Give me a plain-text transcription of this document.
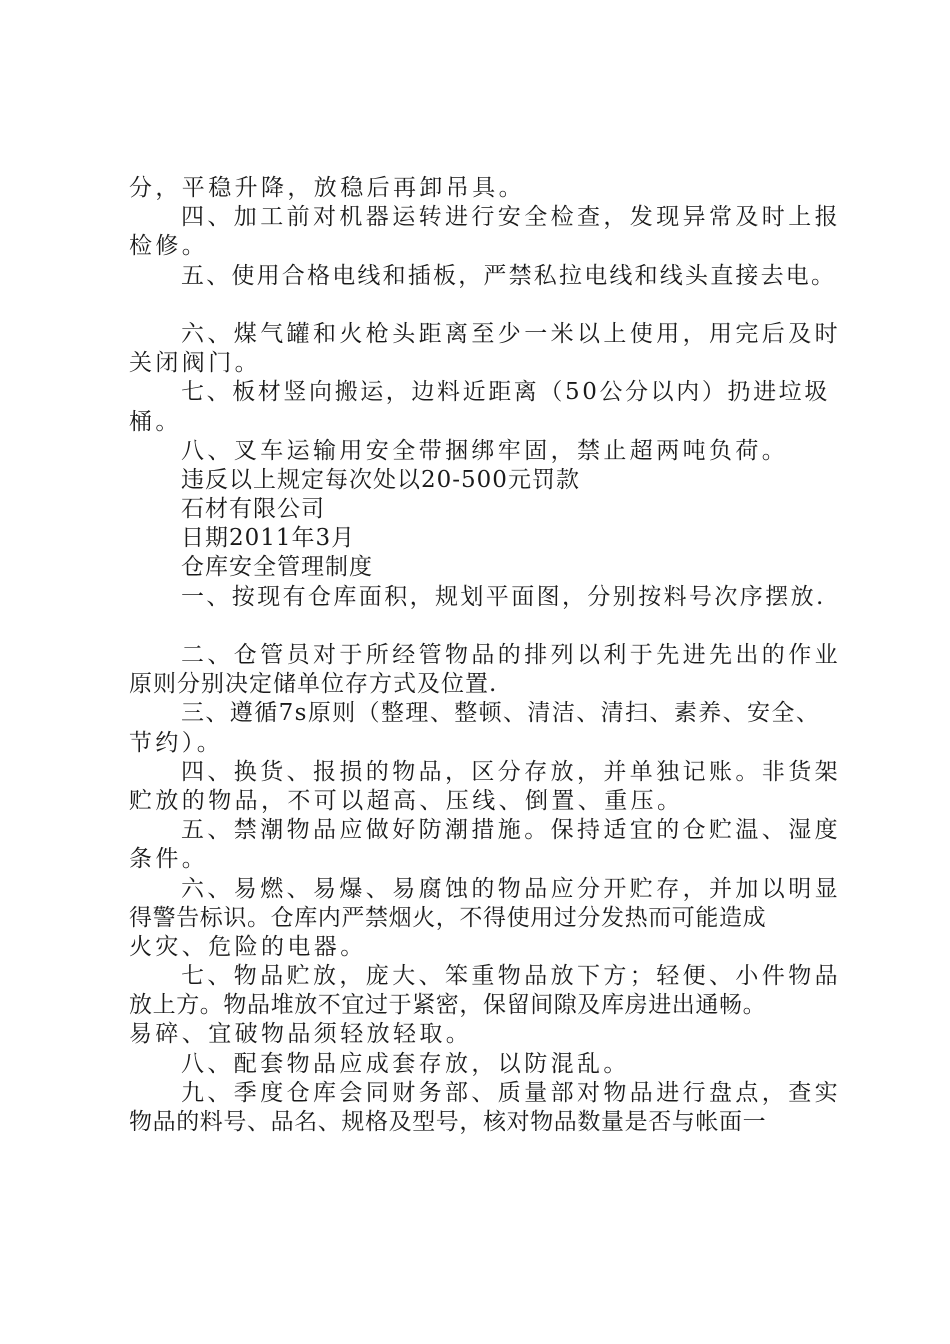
分，平稳升降，放稳后再卸吊具。
四、加工前对机器运转进行安全检查，发现异常及时上报
检修。
五、使用合格电线和插板，严禁私拉电线和线头直接去电。
六、煤气罐和火枪头距离至少一米以上使用，用完后及时
关闭阀门。
七、板材竖向搬运，边料近距离（50公分以内）扔进垃圾
桶。
八、叉车运输用安全带捆绑牢固，禁止超两吨负荷。
违反以上规定每次处以20-500元罚款
石材有限公司
日期2011年3月
仓库安全管理制度
一、按现有仓库面积，规划平面图，分别按料号次序摆放.
二、仓管员对于所经管物品的排列以利于先进先出的作业
原则分别决定储单位存方式及位置.
三、遵循7s原则（整理、整顿、清洁、清扫、素养、安全、
节约）。
四、换货、报损的物品，区分存放，并单独记账。非货架
贮放的物品，不可以超高、压线、倒置、重压。
五、禁潮物品应做好防潮措施。保持适宜的仓贮温、湿度
条件。
六、易燃、易爆、易腐蚀的物品应分开贮存，并加以明显
得警告标识。仓库内严禁烟火，不得使用过分发热而可能造成
火灾、危险的电器。
七、物品贮放，庞大、笨重物品放下方；轻便、小件物品
放上方。物品堆放不宜过于紧密，保留间隙及库房进出通畅。
易碎、宜破物品须轻放轻取。
八、配套物品应成套存放，以防混乱。
九、季度仓库会同财务部、质量部对物品进行盘点，查实
物品的料号、品名、规格及型号，核对物品数量是否与帐面一
